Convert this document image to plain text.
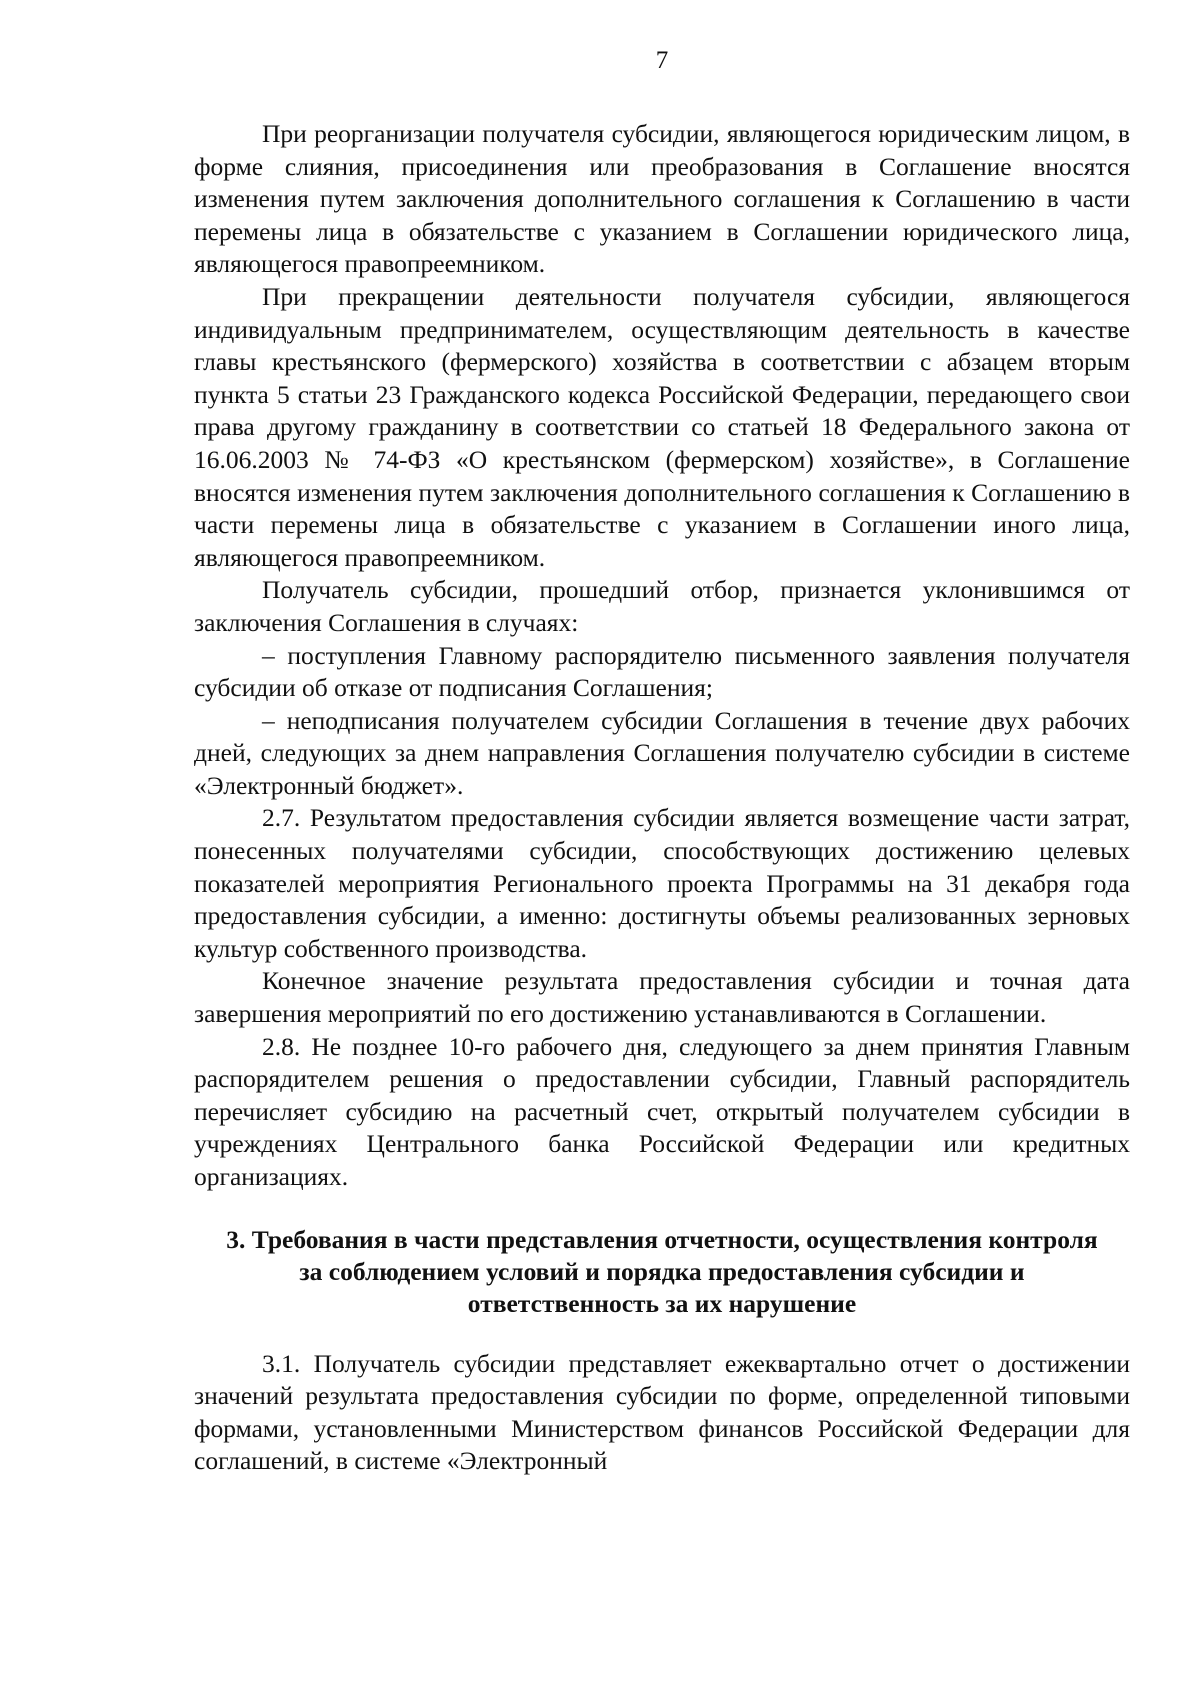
7

При реорганизации получателя субсидии, являющегося юридическим лицом, в форме слияния, присоединения или преобразования в Соглашение вносятся изменения путем заключения дополнительного соглашения к Соглашению в части перемены лица в обязательстве с указанием в Соглашении юридического лица, являющегося правопреемником.

При прекращении деятельности получателя субсидии, являющегося индивидуальным предпринимателем, осуществляющим деятельность в качестве главы крестьянского (фермерского) хозяйства в соответствии с абзацем вторым пункта 5 статьи 23 Гражданского кодекса Российской Федерации, передающего свои права другому гражданину в соответствии со статьей 18 Федерального закона от 16.06.2003 № 74-ФЗ «О крестьянском (фермерском) хозяйстве», в Соглашение вносятся изменения путем заключения дополнительного соглашения к Соглашению в части перемены лица в обязательстве с указанием в Соглашении иного лица, являющегося правопреемником.

Получатель субсидии, прошедший отбор, признается уклонившимся от заключения Соглашения в случаях:

– поступления Главному распорядителю письменного заявления получателя субсидии об отказе от подписания Соглашения;

– неподписания получателем субсидии Соглашения в течение двух рабочих дней, следующих за днем направления Соглашения получателю субсидии в системе «Электронный бюджет».

2.7. Результатом предоставления субсидии является возмещение части затрат, понесенных получателями субсидии, способствующих достижению целевых показателей мероприятия Регионального проекта Программы на 31 декабря года предоставления субсидии, а именно: достигнуты объемы реализованных зерновых культур собственного производства.

Конечное значение результата предоставления субсидии и точная дата завершения мероприятий по его достижению устанавливаются в Соглашении.

2.8. Не позднее 10-го рабочего дня, следующего за днем принятия Главным распорядителем решения о предоставлении субсидии, Главный распорядитель перечисляет субсидию на расчетный счет, открытый получателем субсидии в учреждениях Центрального банка Российской Федерации или кредитных организациях.

3. Требования в части представления отчетности, осуществления контроля за соблюдением условий и порядка предоставления субсидии и ответственность за их нарушение

3.1. Получатель субсидии представляет ежеквартально отчет о достижении значений результата предоставления субсидии по форме, определенной типовыми формами, установленными Министерством финансов Российской Федерации для соглашений, в системе «Электронный
